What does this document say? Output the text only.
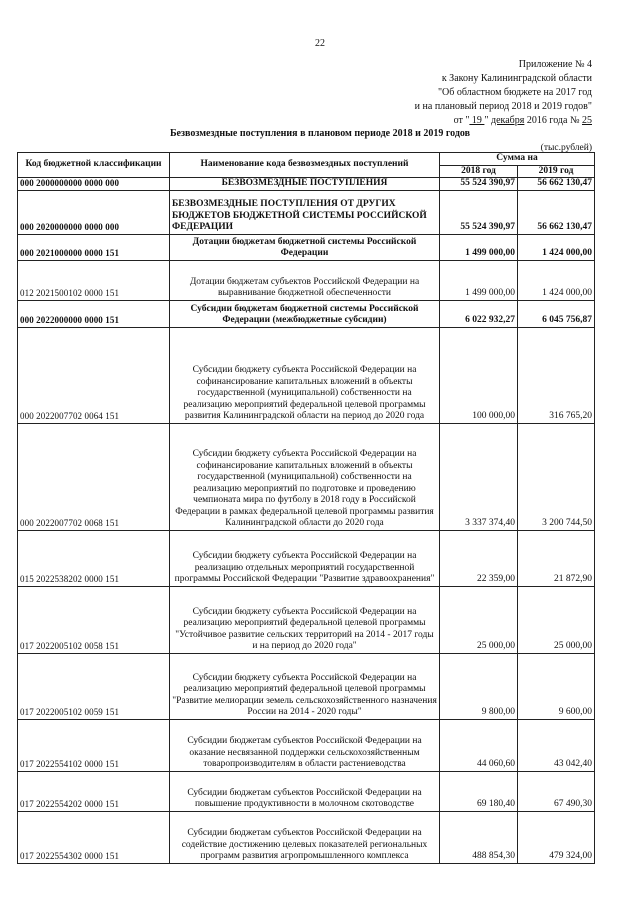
22
Приложение № 4
к Закону Калининградской области
"Об областном бюджете на 2017 год
и на плановый период 2018 и 2019 годов"
от " 19 " декабря 2016 года № 25
Безвозмездные поступления в плановом периоде 2018 и 2019 годов
(тыс.рублей)
Код бюджетной классификации	Наименование кода безвозмездных поступлений	Сумма на	
		2018 год	2019 год
000 2000000000 0000 000	БЕЗВОЗМЕЗДНЫЕ ПОСТУПЛЕНИЯ	55 524 390,97	56 662 130,47
000 2020000000 0000 000	БЕЗВОЗМЕЗДНЫЕ ПОСТУПЛЕНИЯ ОТ ДРУГИХ БЮДЖЕТОВ БЮДЖЕТНОЙ СИСТЕМЫ РОССИЙСКОЙ ФЕДЕРАЦИИ	55 524 390,97	56 662 130,47
000 2021000000 0000 151	Дотации бюджетам бюджетной системы Российской Федерации	1 499 000,00	1 424 000,00
012 2021500102 0000 151	Дотации бюджетам субъектов Российской Федерации на выравнивание бюджетной обеспеченности	1 499 000,00	1 424 000,00
000 2022000000 0000 151	Субсидии бюджетам бюджетной системы Российской Федерации (межбюджетные субсидии)	6 022 932,27	6 045 756,87
000 2022007702 0064 151	Субсидии бюджету субъекта Российской Федерации на софинансирование капитальных вложений в объекты государственной (муниципальной) собственности на реализацию мероприятий федеральной целевой программы развития Калининградской области на период до 2020 года	100 000,00	316 765,20
000 2022007702 0068 151	Субсидии бюджету субъекта Российской Федерации на софинансирование капитальных вложений в объекты государственной (муниципальной) собственности на реализацию мероприятий по подготовке и проведению чемпионата мира по футболу в 2018 году в Российской Федерации в рамках федеральной целевой программы развития Калининградской области до 2020 года	3 337 374,40	3 200 744,50
015 2022538202 0000 151	Субсидии бюджету субъекта Российской Федерации на реализацию отдельных мероприятий государственной программы Российской Федерации "Развитие здравоохранения"	22 359,00	21 872,90
017 2022005102 0058 151	Субсидии бюджету субъекта Российской Федерации на реализацию мероприятий федеральной целевой программы "Устойчивое развитие сельских территорий на 2014 - 2017 годы и на период до 2020 года"	25 000,00	25 000,00
017 2022005102 0059 151	Субсидии бюджету субъекта Российской Федерации на реализацию мероприятий федеральной целевой программы "Развитие мелиорации земель сельскохозяйственного назначения России на 2014 - 2020 годы"	9 800,00	9 600,00
017 2022554102 0000 151	Субсидии бюджетам субъектов Российской Федерации на оказание несвязанной поддержки сельскохозяйственным товаропроизводителям в области растениеводства	44 060,60	43 042,40
017 2022554202 0000 151	Субсидии бюджетам субъектов Российской Федерации на повышение продуктивности в молочном скотоводстве	69 180,40	67 490,30
017 2022554302 0000 151	Субсидии бюджетам субъектов Российской Федерации на содействие достижению целевых показателей региональных программ развития агропромышленного комплекса	488 854,30	479 324,00
